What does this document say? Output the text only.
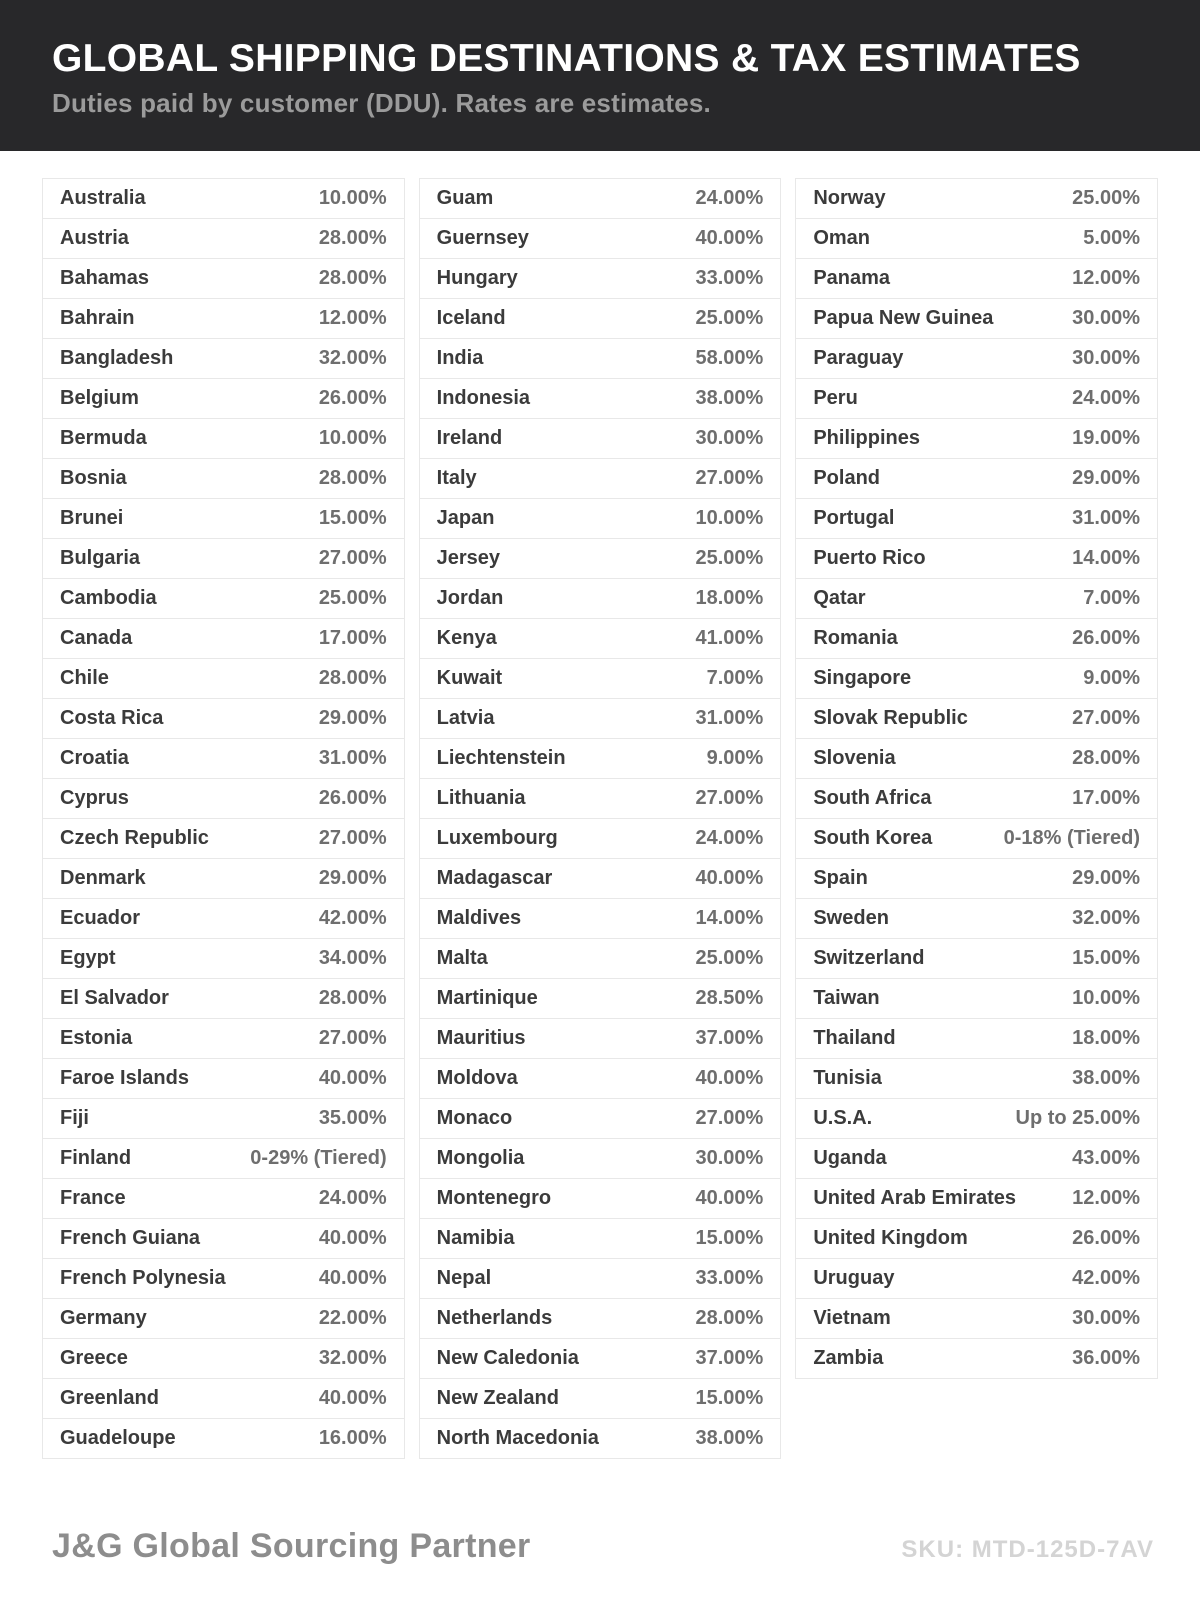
GLOBAL SHIPPING DESTINATIONS & TAX ESTIMATES
Duties paid by customer (DDU). Rates are estimates.
Australia	10.00%
Austria	28.00%
Bahamas	28.00%
Bahrain	12.00%
Bangladesh	32.00%
Belgium	26.00%
Bermuda	10.00%
Bosnia	28.00%
Brunei	15.00%
Bulgaria	27.00%
Cambodia	25.00%
Canada	17.00%
Chile	28.00%
Costa Rica	29.00%
Croatia	31.00%
Cyprus	26.00%
Czech Republic	27.00%
Denmark	29.00%
Ecuador	42.00%
Egypt	34.00%
El Salvador	28.00%
Estonia	27.00%
Faroe Islands	40.00%
Fiji	35.00%
Finland	0-29% (Tiered)
France	24.00%
French Guiana	40.00%
French Polynesia	40.00%
Germany	22.00%
Greece	32.00%
Greenland	40.00%
Guadeloupe	16.00%
Guam	24.00%
Guernsey	40.00%
Hungary	33.00%
Iceland	25.00%
India	58.00%
Indonesia	38.00%
Ireland	30.00%
Italy	27.00%
Japan	10.00%
Jersey	25.00%
Jordan	18.00%
Kenya	41.00%
Kuwait	7.00%
Latvia	31.00%
Liechtenstein	9.00%
Lithuania	27.00%
Luxembourg	24.00%
Madagascar	40.00%
Maldives	14.00%
Malta	25.00%
Martinique	28.50%
Mauritius	37.00%
Moldova	40.00%
Monaco	27.00%
Mongolia	30.00%
Montenegro	40.00%
Namibia	15.00%
Nepal	33.00%
Netherlands	28.00%
New Caledonia	37.00%
New Zealand	15.00%
North Macedonia	38.00%
Norway	25.00%
Oman	5.00%
Panama	12.00%
Papua New Guinea	30.00%
Paraguay	30.00%
Peru	24.00%
Philippines	19.00%
Poland	29.00%
Portugal	31.00%
Puerto Rico	14.00%
Qatar	7.00%
Romania	26.00%
Singapore	9.00%
Slovak Republic	27.00%
Slovenia	28.00%
South Africa	17.00%
South Korea	0-18% (Tiered)
Spain	29.00%
Sweden	32.00%
Switzerland	15.00%
Taiwan	10.00%
Thailand	18.00%
Tunisia	38.00%
U.S.A.	Up to 25.00%
Uganda	43.00%
United Arab Emirates	12.00%
United Kingdom	26.00%
Uruguay	42.00%
Vietnam	30.00%
Zambia	36.00%
J&G Global Sourcing Partner	SKU: MTD-125D-7AV
